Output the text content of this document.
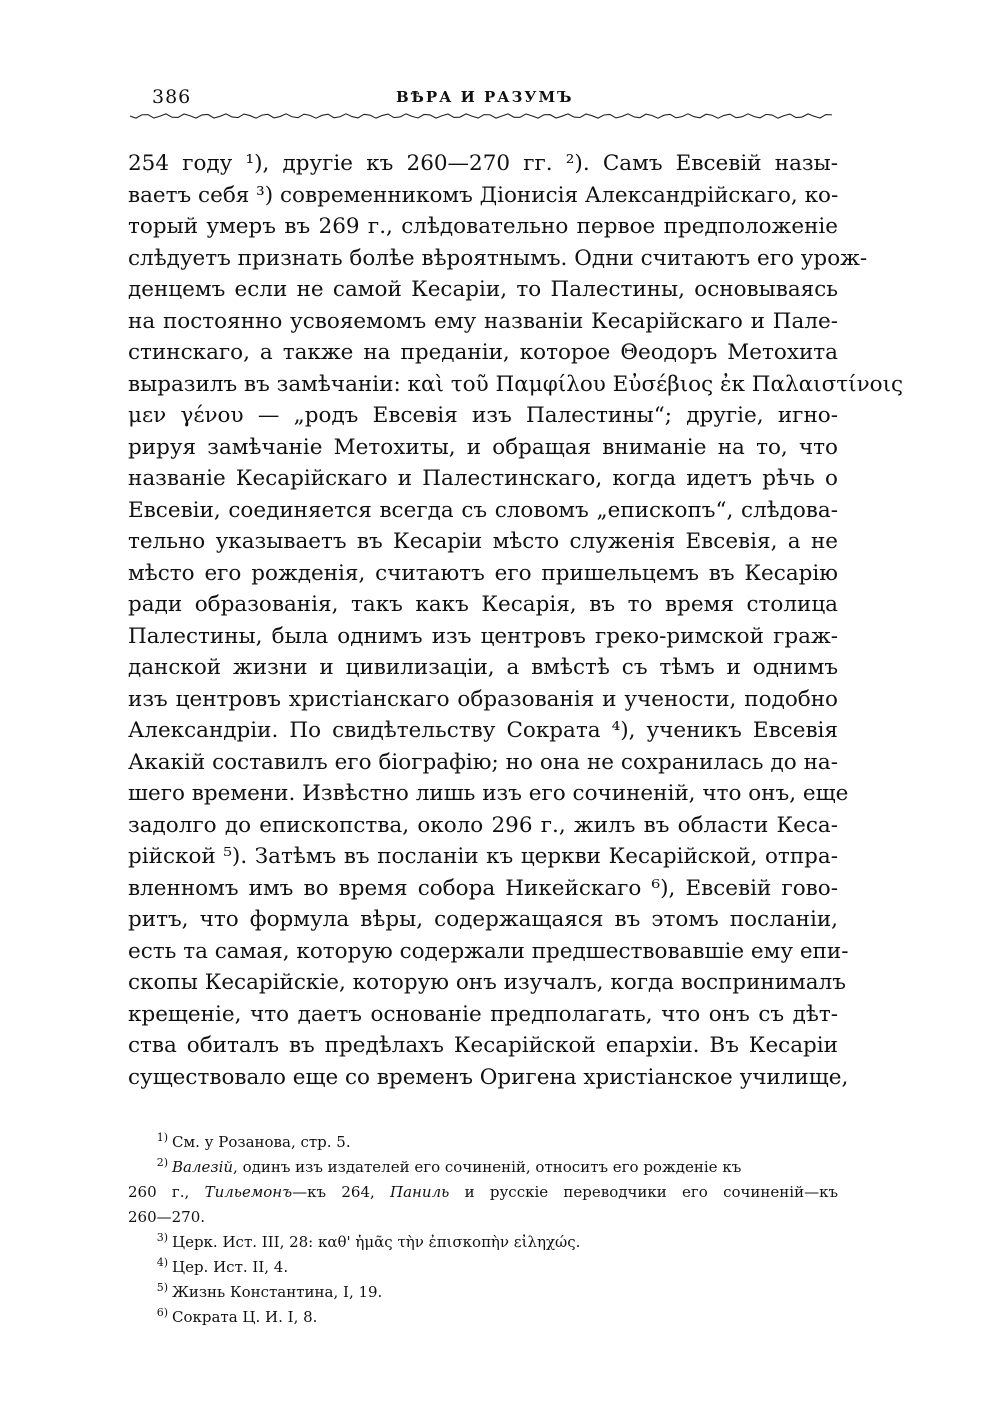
386	ВѢРА И РАЗУМЪ
254 году ¹), другіе къ 260—270 гг. ²). Самъ Евсевій назы-
ваетъ себя ³) современникомъ Діонисія Александрійскаго, ко-
торый умеръ въ 269 г., слѣдовательно первое предположеніе
слѣдуетъ признать болѣе вѣроятнымъ. Одни считаютъ его урож-
денцемъ если не самой Кесаріи, то Палестины, основываясь
на постоянно усвояемомъ ему названіи Кесарійскаго и Пале-
стинскаго, а также на преданіи, которое Θеодоръ Метохита
выразилъ въ замѣчаніи: καὶ τοῦ Παμφίλου Εὐσέβιος ἐκ Παλαιστίνοις
μεν γένου — „родъ Евсевія изъ Палестины“; другіе, игно-
рируя замѣчаніе Метохиты, и обращая вниманіе на то, что
названіе Кесарійскаго и Палестинскаго, когда идетъ рѣчь о
Евсевіи, соединяется всегда съ словомъ „епископъ“, слѣдова-
тельно указываетъ въ Кесаріи мѣсто служенія Евсевія, а не
мѣсто его рожденія, считаютъ его пришельцемъ въ Кесарію
ради образованія, такъ какъ Кесарія, въ то время столица
Палестины, была однимъ изъ центровъ греко-римской граж-
данской жизни и цивилизаціи, а вмѣстѣ съ тѣмъ и однимъ
изъ центровъ христіанскаго образованія и учености, подобно
Александріи. По свидѣтельству Сократа ⁴), ученикъ Евсевія
Акакій составилъ его біографію; но она не сохранилась до на-
шего времени. Извѣстно лишь изъ его сочиненій, что онъ, еще
задолго до епископства, около 296 г., жилъ въ области Кеса-
рійской ⁵). Затѣмъ въ посланіи къ церкви Кесарійской, отпра-
вленномъ имъ во время собора Никейскаго ⁶), Евсевій гово-
ритъ, что формула вѣры, содержащаяся въ этомъ посланіи,
есть та самая, которую содержали предшествовавшіе ему епи-
скопы Кесарійскіе, которую онъ изучалъ, когда воспринималъ
крещеніе, что даетъ основаніе предполагать, что онъ съ дѣт-
ства обиталъ въ предѣлахъ Кесарійской епархіи. Въ Кесаріи
существовало еще со временъ Оригена христіанское училище,
1) См. у Розанова, стр. 5.
2) Валезій, одинъ изъ издателей его сочиненій, относитъ его рожденіе къ
260 г., Тильемонъ—къ 264, Паниль и русскіе переводчики его сочиненій—къ
260—270.
3) Церк. Ист. III, 28: καθ' ἡμᾶς τὴν ἐπισκοπὴν εἰληχώς.
4) Цер. Ист. II, 4.
5) Жизнь Константина, I, 19.
6) Сократа Ц. И. I, 8.
